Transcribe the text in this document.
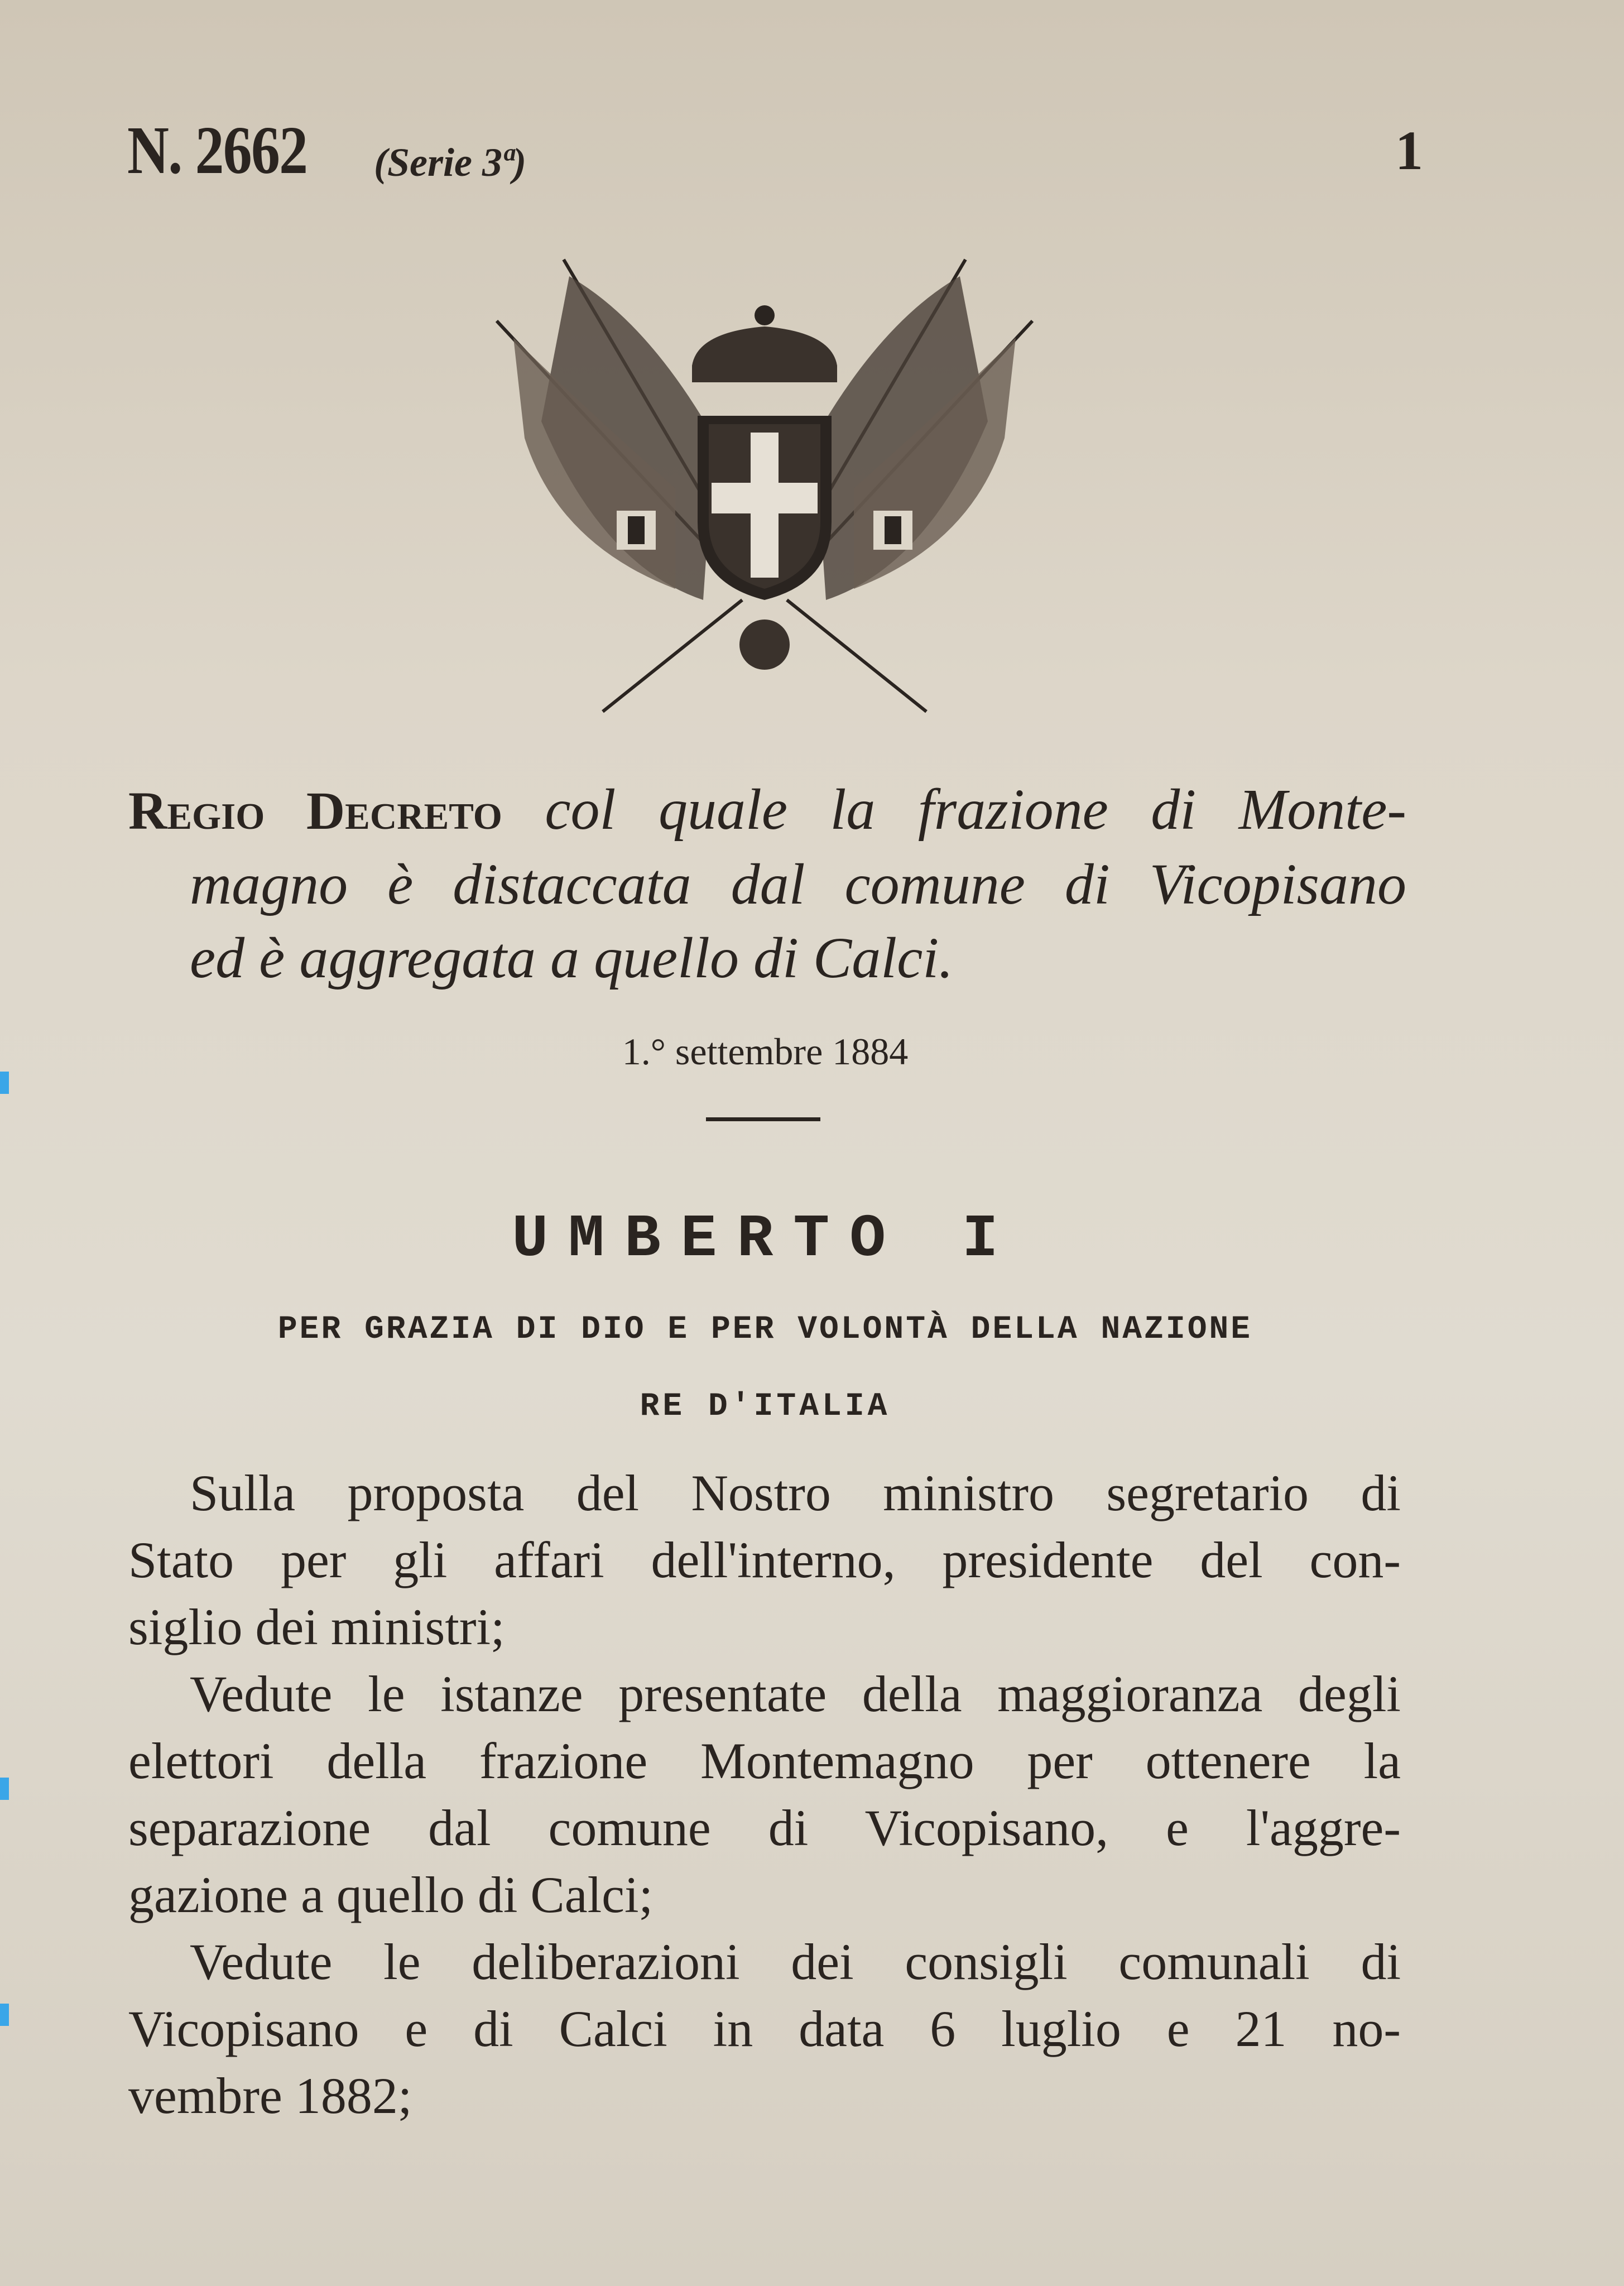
N. 2662 (Serie 3ª)	1
Regio Decreto col quale la frazione di Monte-
magno è distaccata dal comune di Vicopisano
ed è aggregata a quello di Calci.
1.° settembre 1884
UMBERTO I
PER GRAZIA DI DIO E PER VOLONTÀ DELLA NAZIONE
RE D'ITALIA
Sulla proposta del Nostro ministro segretario di
Stato per gli affari dell'interno, presidente del con-
siglio dei ministri;
Vedute le istanze presentate della maggioranza degli
elettori della frazione Montemagno per ottenere la
separazione dal comune di Vicopisano, e l'aggre-
gazione a quello di Calci;
Vedute le deliberazioni dei consigli comunali di
Vicopisano e di Calci in data 6 luglio e 21 no-
vembre 1882;
